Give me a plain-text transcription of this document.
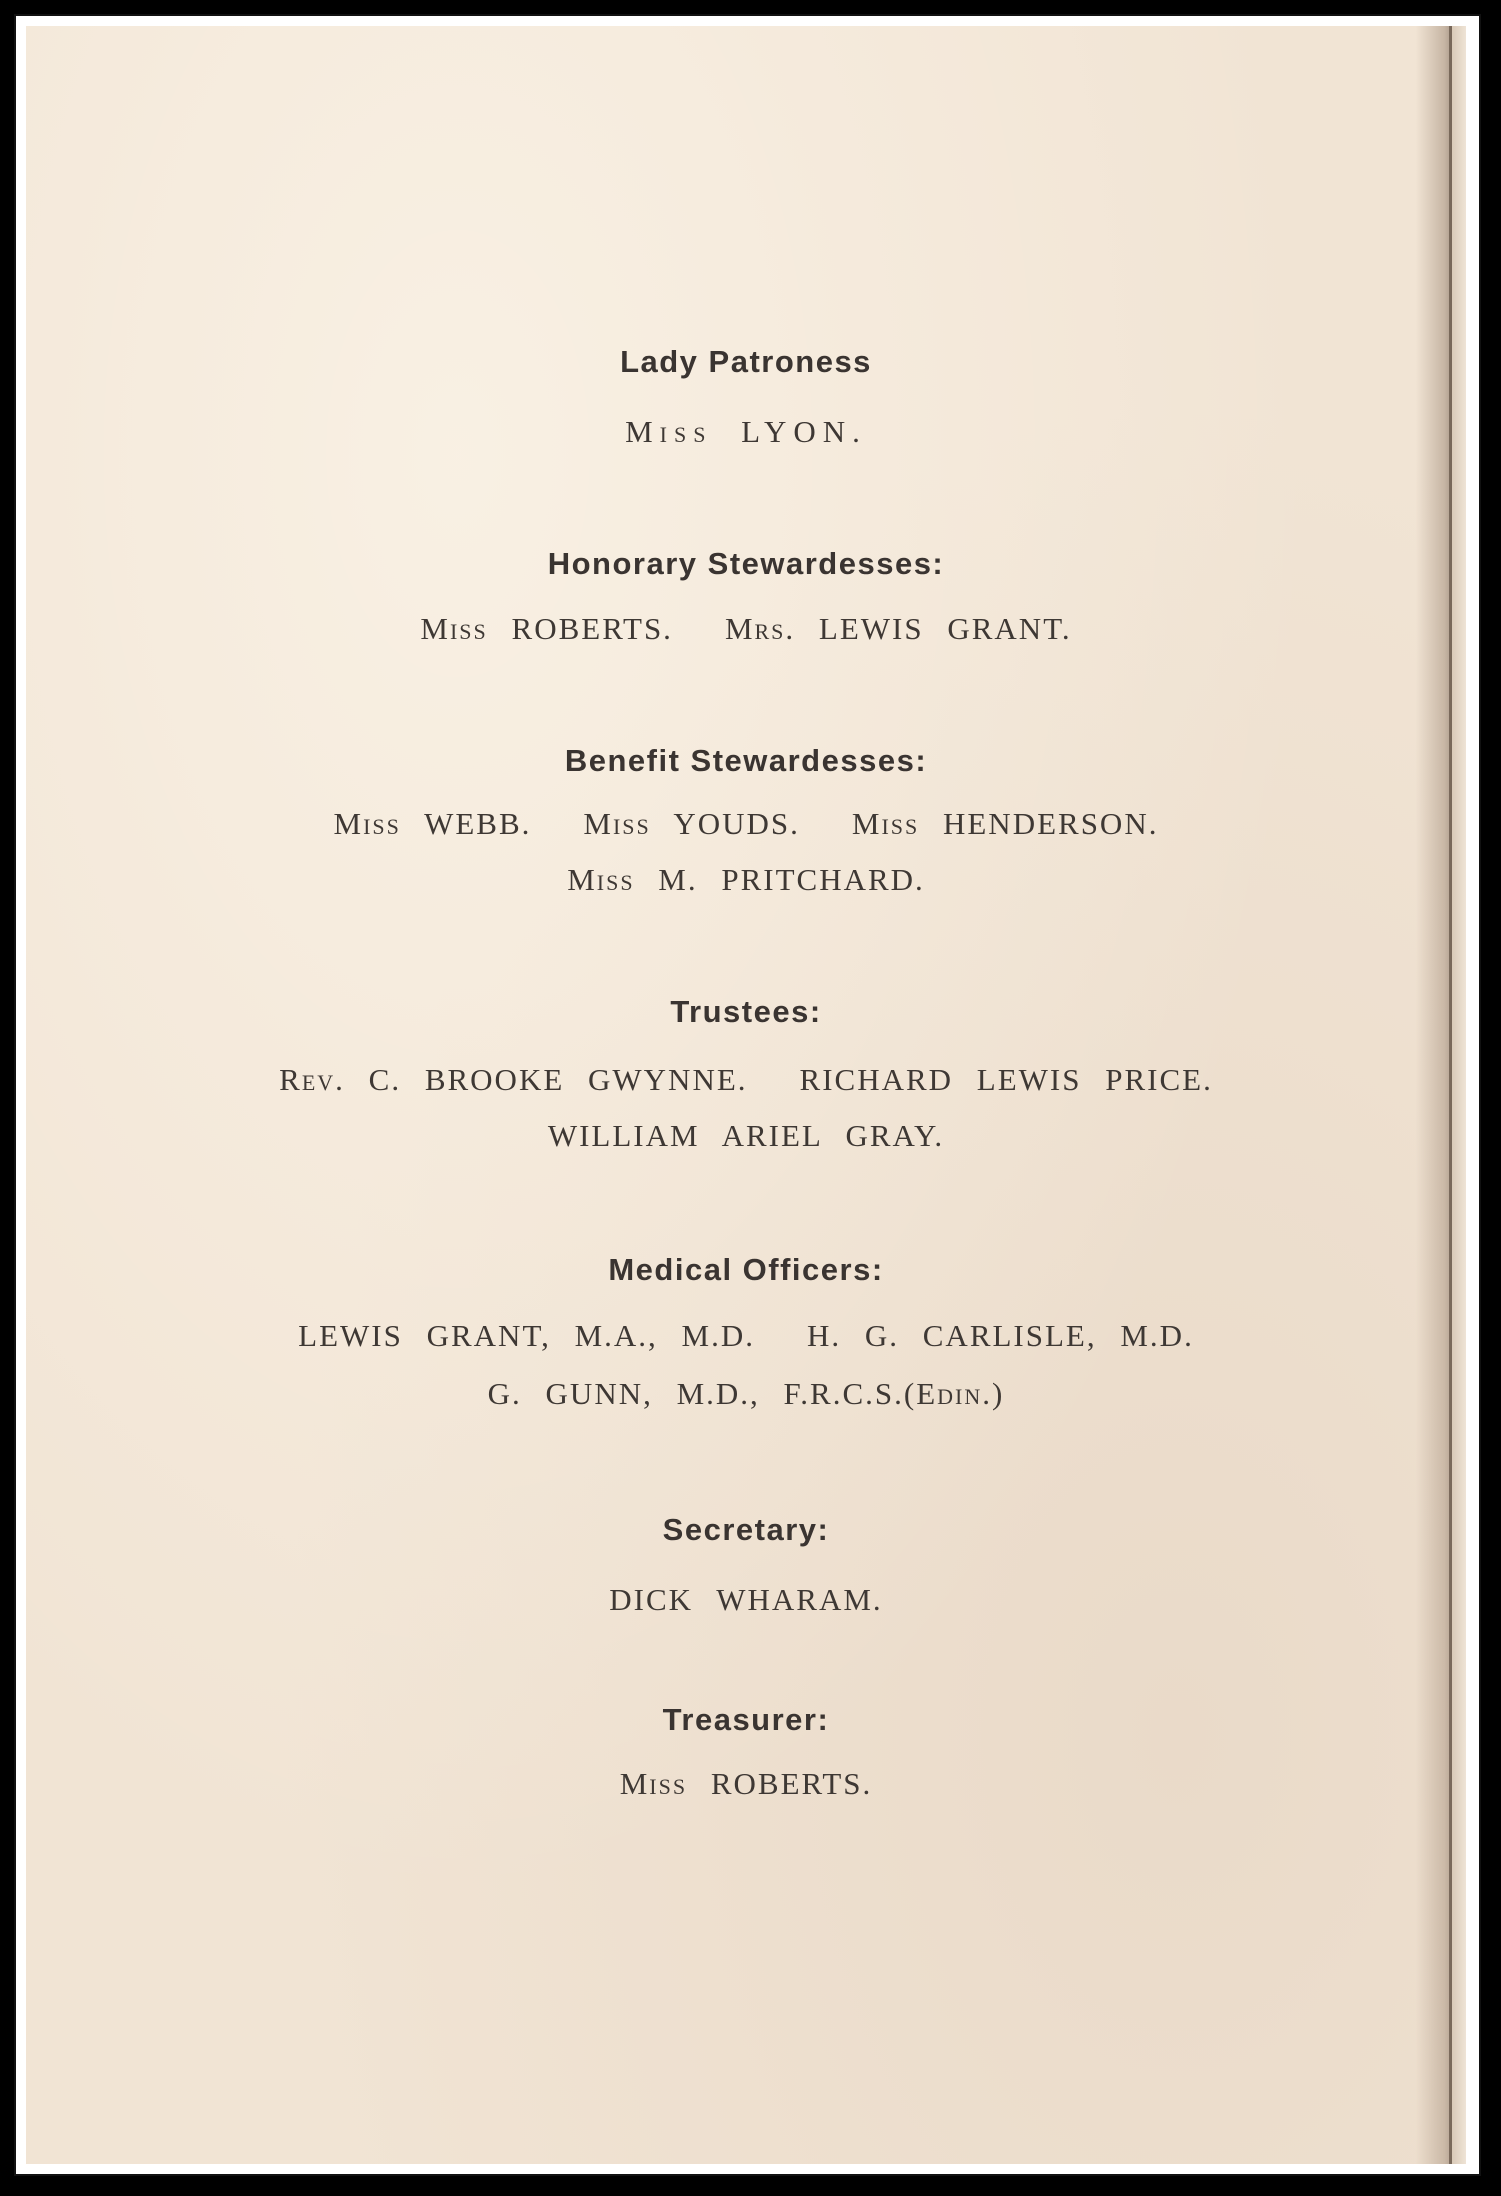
Lady Patroness
Miss LYON.
Honorary Stewardesses:
Miss ROBERTS. Mrs. LEWIS GRANT.
Benefit Stewardesses:
Miss WEBB. Miss YOUDS. Miss HENDERSON.
Miss M. PRITCHARD.
Trustees:
Rev. C. BROOKE GWYNNE. RICHARD LEWIS PRICE.
WILLIAM ARIEL GRAY.
Medical Officers:
LEWIS GRANT, M.A., M.D. H. G. CARLISLE, M.D.
G. GUNN, M.D., F.R.C.S.(Edin.)
Secretary:
DICK WHARAM.
Treasurer:
Miss ROBERTS.
